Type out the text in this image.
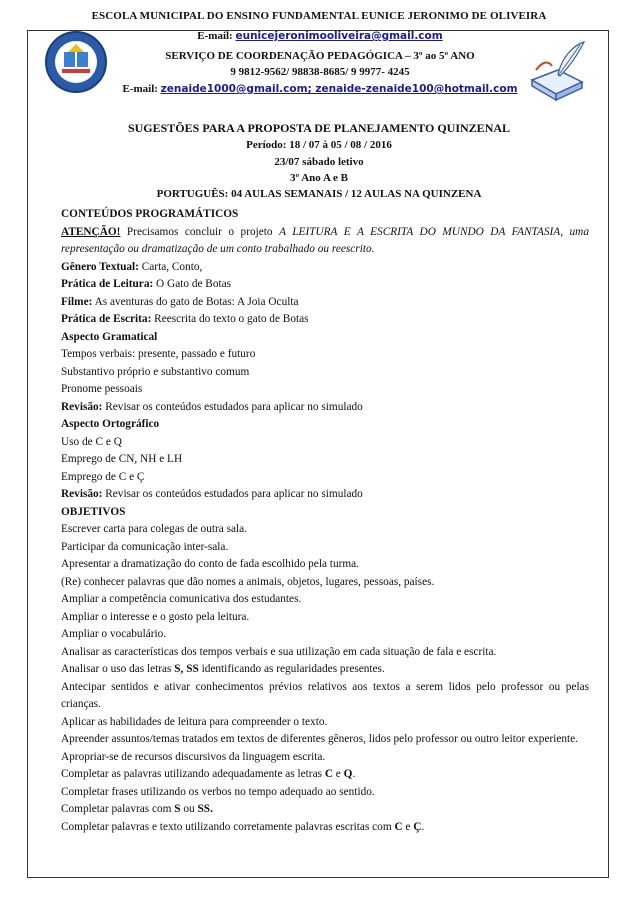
ESCOLA MUNICIPAL DO ENSINO FUNDAMENTAL EUNICE JERONIMO DE OLIVEIRA
E-mail: eunicejeronimooliveira@gmail.com
SERVIÇO DE COORDENAÇÃO PEDAGÓGICA – 3º ao 5º ANO
9 9812-9562/ 98838-8685/ 9 9977- 4245
E-mail: zenaide1000@gmail.com; zenaide-zenaide100@hotmail.com
SUGESTÕES PARA A PROPOSTA DE PLANEJAMENTO QUINZENAL
Período: 18 / 07 à 05 / 08 / 2016
23/07 sábado letivo
3º Ano A e B
PORTUGUÊS: 04 AULAS SEMANAIS / 12 AULAS NA QUINZENA

CONTEÚDOS PROGRAMÁTICOS

ATENÇÃO! Precisamos concluir o projeto A LEITURA E A ESCRITA DO MUNDO DA FANTASIA, uma representação ou dramatização de um conto trabalhado ou reescrito.

Gênero Textual: Carta, Conto,

Prática de Leitura: O Gato de Botas

Filme: As aventuras do gato de Botas: A Joia Oculta

Prática de Escrita: Reescrita do texto o gato de Botas

Aspecto Gramatical

Tempos verbais: presente, passado e futuro

Substantivo próprio e substantivo comum

Pronome pessoais

Revisão: Revisar os conteúdos estudados para aplicar no simulado

Aspecto Ortográfico

Uso de C e Q

Emprego de CN, NH e LH

Emprego de C e Ç

Revisão: Revisar os conteúdos estudados para aplicar no simulado

OBJETIVOS

Escrever carta para colegas de outra sala.

Participar da comunicação inter-sala.

Apresentar a dramatização do conto de fada escolhido pela turma.

(Re) conhecer palavras que dão nomes a animais, objetos, lugares, pessoas, países.

Ampliar a competência comunicativa dos estudantes.

Ampliar o interesse e o gosto pela leitura.

Ampliar o vocabulário.

Analisar as características dos tempos verbais e sua utilização em cada situação de fala e escrita.

Analisar o uso das letras S, SS identificando as regularidades presentes.

Antecipar sentidos e ativar conhecimentos prévios relativos aos textos a serem lidos pelo professor ou pelas crianças.

Aplicar as habilidades de leitura para compreender o texto.

Apreender assuntos/temas tratados em textos de diferentes gêneros, lidos pelo professor ou outro leitor experiente.

Apropriar-se de recursos discursivos da linguagem escrita.

Completar as palavras utilizando adequadamente as letras C e Q.

Completar frases utilizando os verbos no tempo adequado ao sentido.

Completar palavras com S ou SS.

Completar palavras e texto utilizando corretamente palavras escritas com C e Ç.
